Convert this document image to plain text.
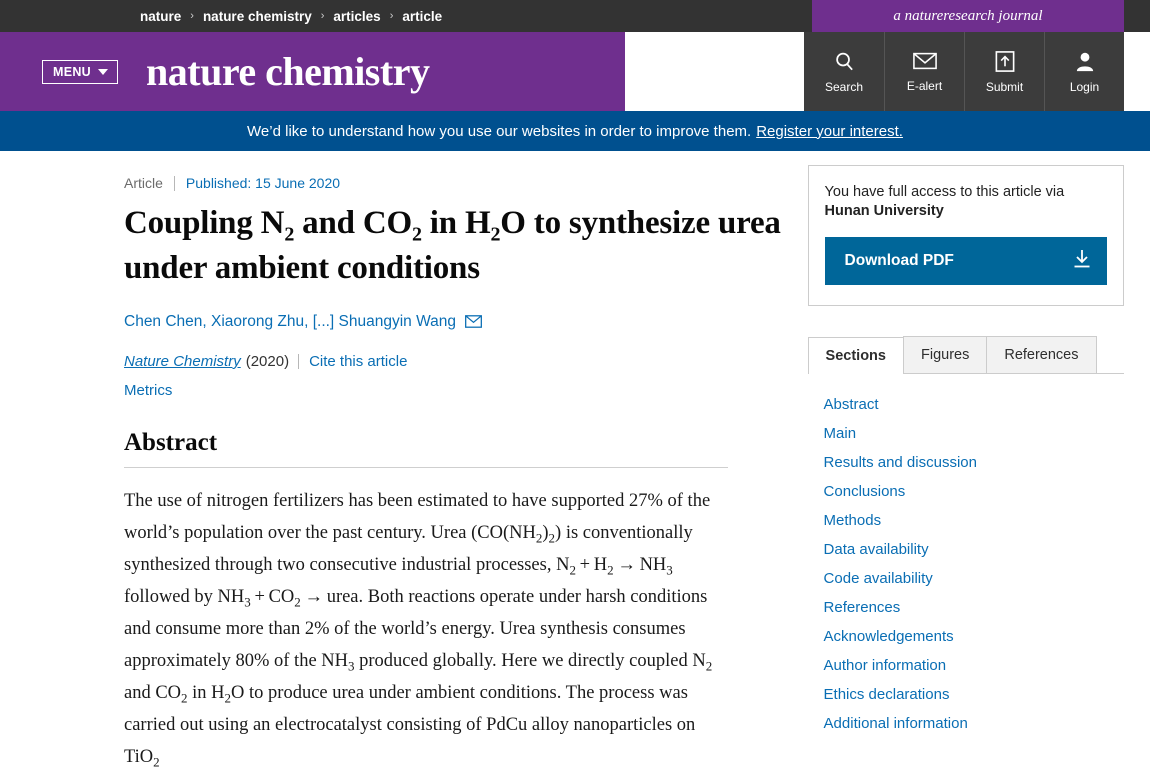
nature › nature chemistry › articles › article	a natureresearch journal
MENU nature chemistry	Search	E-alert	Submit	Login
We’d like to understand how you use our websites in order to improve them. Register your interest.
Article Published: 15 June 2020
Coupling $N_2$ and $CO_2$ in $H_2O$ to synthesize urea under ambient conditions
Chen Chen, Xiaorong Zhu, [...] Shuangyin Wang
Nature Chemistry (2020) Cite this article
Metrics
Abstract
The use of nitrogen fertilizers has been estimated to have supported 27% of the world’s population over the past century. Urea $(CO(NH_2)_2)$ is conventionally synthesized through two consecutive industrial processes, $N_2 + H_2 \to NH_3$ followed by $NH_3 + CO_2$ → urea. Both reactions operate under harsh conditions and consume more than 2% of the world’s energy. Urea synthesis consumes approximately 80% of the $NH_3$ produced globally. Here we directly coupled $N_2$ and $CO_2$ in $H_2O$ to produce urea under ambient conditions. The process was carried out using an electrocatalyst consisting of PdCu alloy nanoparticles on TiO$_2$
You have full access to this article via
Hunan University
Download PDF
Sections	Figures	References
Abstract
Main
Results and discussion
Conclusions
Methods
Data availability
Code availability
References
Acknowledgements
Author information
Ethics declarations
Additional information
